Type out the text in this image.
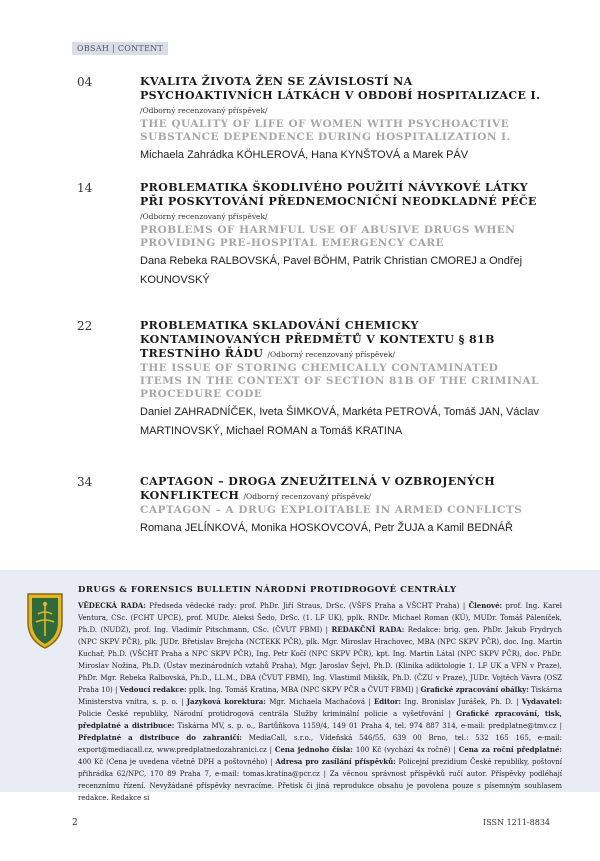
OBSAH | CONTENT
04	KVALITA ŽIVOTA ŽEN SE ZÁVISLOSTÍ NA PSYCHOAKTIVNÍCH LÁTKÁCH V OBDOBÍ HOSPITALIZACE I. /Odborný recenzovaný příspěvek/
THE QUALITY OF LIFE OF WOMEN WITH PSYCHOACTIVE SUBSTANCE DEPENDENCE DURING HOSPITALIZATION I.
Michaela Zahrádka KÖHLEROVÁ, Hana KYNŠTOVÁ a Marek PÁV
14	PROBLEMATIKA ŠKODLIVÉHO POUŽITÍ NÁVYKOVÉ LÁTKY PŘI POSKYTOVÁNÍ PŘEDNEMOCNIČNÍ NEODKLADNÉ PÉČE /Odborný recenzovaný příspěvek/
PROBLEMS OF HARMFUL USE OF ABUSIVE DRUGS WHEN PROVIDING PRE-HOSPITAL EMERGENCY CARE
Dana Rebeka RALBOVSKÁ, Pavel BÖHM, Patrik Christian CMOREJ a Ondřej KOUNOVSKÝ
22	PROBLEMATIKA SKLADOVÁNÍ CHEMICKY KONTAMINOVANÝCH PŘEDMĚTŮ V KONTEXTU § 81B TRESTNÍHO ŘÁDU /Odborný recenzovaný příspěvek/
THE ISSUE OF STORING CHEMICALLY CONTAMINATED ITEMS IN THE CONTEXT OF SECTION 81B OF THE CRIMINAL PROCEDURE CODE
Daniel ZAHRADNÍČEK, Iveta ŠIMKOVÁ, Markéta PETROVÁ, Tomáš JAN, Václav MARTINOVSKÝ, Michael ROMAN a Tomáš KRATINA
34	CAPTAGON – DROGA ZNEUŽITELNÁ V OZBROJENÝCH KONFLIKTECH /Odborný recenzovaný příspěvek/
CAPTAGON – A DRUG EXPLOITABLE IN ARMED CONFLICTS
Romana JELÍNKOVÁ, Monika HOSKOVCOVÁ, Petr ŽUJA a Kamil BEDNÁŘ
DRUGS & FORENSICS BULLETIN NÁRODNÍ PROTIDROGOVÉ CENTRÁLY
VĚDECKÁ RADA: Předseda vědecké rady: prof. PhDr. Jiří Straus, DrSc. (VŠFS Praha a VŠCHT Praha) | Členové: prof. Ing. Karel Ventura, CSc. (FCHT UPCE), prof. MUDr. Aleksi Šedo, DrSc. (1. LF UK), pplk. RNDr. Michael Roman (KÚ), MUDr. Tomáš Páleníček, Ph.D. (NUDZ), prof. Ing. Vladimír Pitschmann, CSc. (ČVUT FBMI) | REDAKČNÍ RADA: Redakce: brig. gen. PhDr. Jakub Frydrych (NPC SKPV PČR), plk. JUDr. Břetislav Brejcha (NCTEKK PČR), plk. Mgr. Miroslav Hrachovec, MBA (NPC SKPV PČR), doc. Ing. Martin Kuchař, Ph.D. (VŠCHT Praha a NPC SKPV PČR), Ing. Petr Kočí (NPC SKPV PČR), kpt. Ing. Martin Látal (NPC SKPV PČR), doc. PhDr. Miroslav Nožina, Ph.D. (Ústav mezinárodních vztahů Praha), Mgr. Jaroslav Šejvl, Ph.D. (Klinika adiktologie 1. LF UK a VFN v Praze), PhDr. Mgr. Rebeka Ralbovská, Ph.D., LL.M., DBA (ČVUT FBMI), Ing. Vlastimil Mikšík, Ph.D. (ČZU v Praze), JUDr. Vojtěch Vávra (OSZ Praha 10) | Vedoucí redakce: pplk. Ing. Tomáš Kratina, MBA (NPC SKPV PČR a ČVUT FBMI) | Grafické zpracování obálky: Tiskárna Ministerstva vnitra, s. p. o. | Jazyková korektura: Mgr. Michaela Machačová | Editor: Ing. Bronislav Jurášek, Ph. D. | Vydavatel: Policie České republiky, Národní protidrogová centrála Služby kriminální policie a vyšetřování | Grafické zpracování, tisk, předplatné a distribuce: Tiskárna MV, s. p. o., Bartůňkova 1159/4, 149 01 Praha 4, tel. 974 887 314, e-mail: predplatne@tmv.cz | Předplatné a distribuce do zahraničí: MediaCall, s.r.o., Vídeňská 546/55, 639 00 Brno, tel.: 532 165 165, e-mail: export@mediacall.cz, www.predplatnedozahranici.cz | Cena jednoho čísla: 100 Kč (vychází 4x ročně) | Cena za roční předplatné: 400 Kč (Cena je uvedena včetně DPH a poštovného) | Adresa pro zasílání příspěvků: Policejní prezidium České republiky, poštovní přihrádka 62/NPC, 170 89 Praha 7, e-mail: tomas.kratina@pcr.cz | Za věcnou správnost příspěvků ručí autor. Příspěvky podléhají recenznímu řízení. Nevyžádané příspěvky nevracíme. Přetisk či jiná reprodukce obsahu je povolena pouze s písemným souhlasem redakce. Redakce si
2	ISSN 1211-8834
